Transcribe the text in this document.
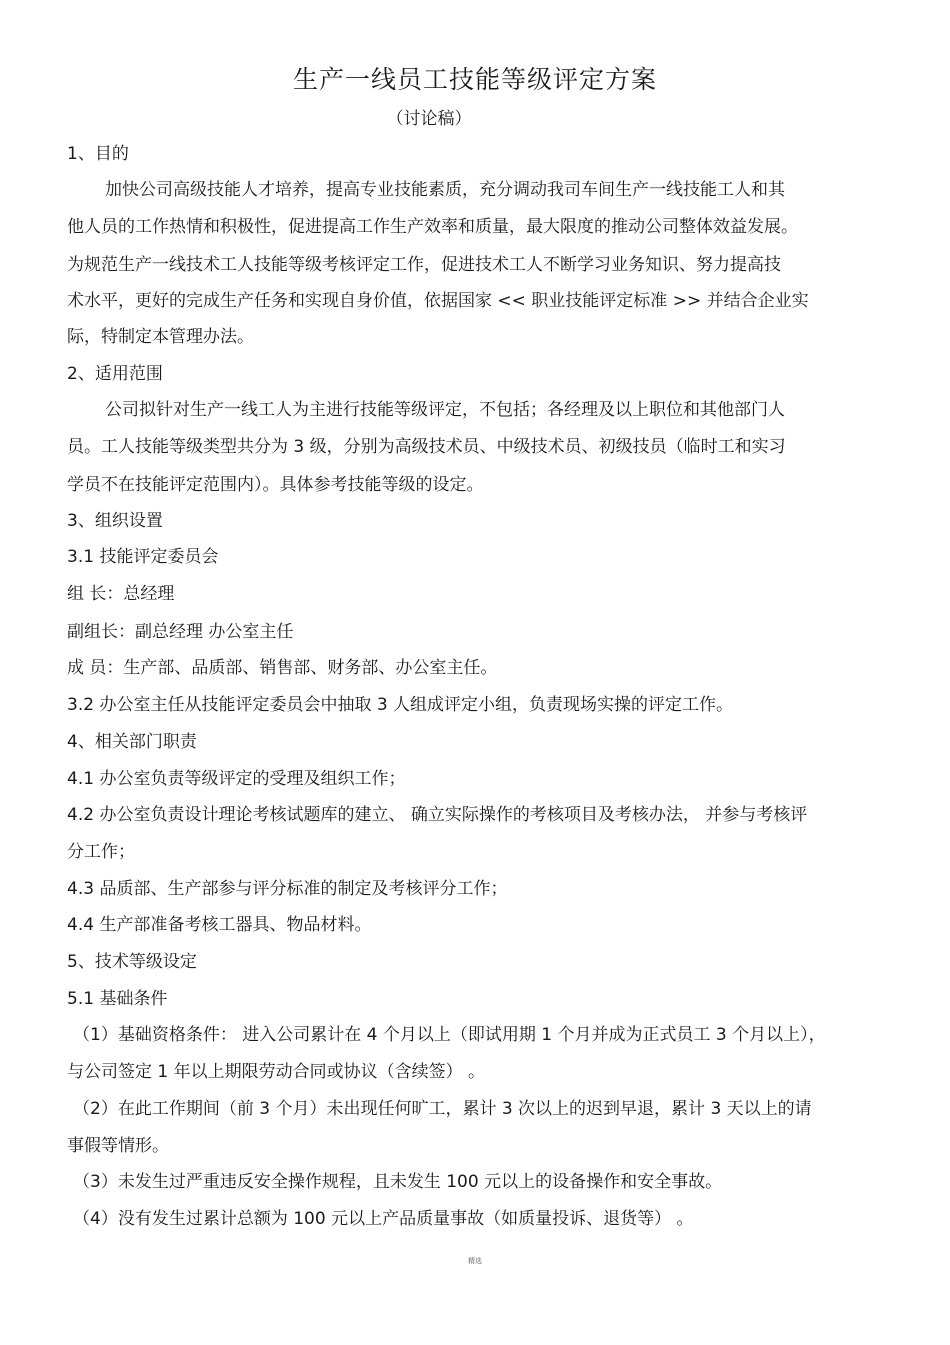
生产一线员工技能等级评定方案
（讨论稿）
1、目的
加快公司高级技能人才培养，提高专业技能素质，充分调动我司车间生产一线技能工人和其
他人员的工作热情和积极性，促进提高工作生产效率和质量，最大限度的推动公司整体效益发展。
为规范生产一线技术工人技能等级考核评定工作，促进技术工人不断学习业务知识、努力提高技
术水平，更好的完成生产任务和实现自身价值，依据国家 << 职业技能评定标准 >> 并结合企业实
际，特制定本管理办法。
2、适用范围
公司拟针对生产一线工人为主进行技能等级评定，不包括；各经理及以上职位和其他部门人
员。工人技能等级类型共分为 3 级，分别为高级技术员、中级技术员、初级技员（临时工和实习
学员不在技能评定范围内）。具体参考技能等级的设定。
3、组织设置
3.1 技能评定委员会
组 长：总经理
副组长：副总经理 办公室主任
成 员：生产部、品质部、销售部、财务部、办公室主任。
3.2 办公室主任从技能评定委员会中抽取 3 人组成评定小组，负责现场实操的评定工作。
4、相关部门职责
4.1 办公室负责等级评定的受理及组织工作；
4.2 办公室负责设计理论考核试题库的建立、 确立实际操作的考核项目及考核办法， 并参与考核评
分工作；
4.3 品质部、生产部参与评分标准的制定及考核评分工作；
4.4 生产部准备考核工器具、物品材料。
5、技术等级设定
5.1 基础条件
（1）基础资格条件： 进入公司累计在 4 个月以上（即试用期 1 个月并成为正式员工 3 个月以上），
与公司签定 1 年以上期限劳动合同或协议（含续签） 。
（2）在此工作期间（前 3 个月）未出现任何旷工，累计 3 次以上的迟到早退，累计 3 天以上的请
事假等情形。
（3）未发生过严重违反安全操作规程，且未发生 100 元以上的设备操作和安全事故。
（4）没有发生过累计总额为 100 元以上产品质量事故（如质量投诉、退货等） 。
精选
